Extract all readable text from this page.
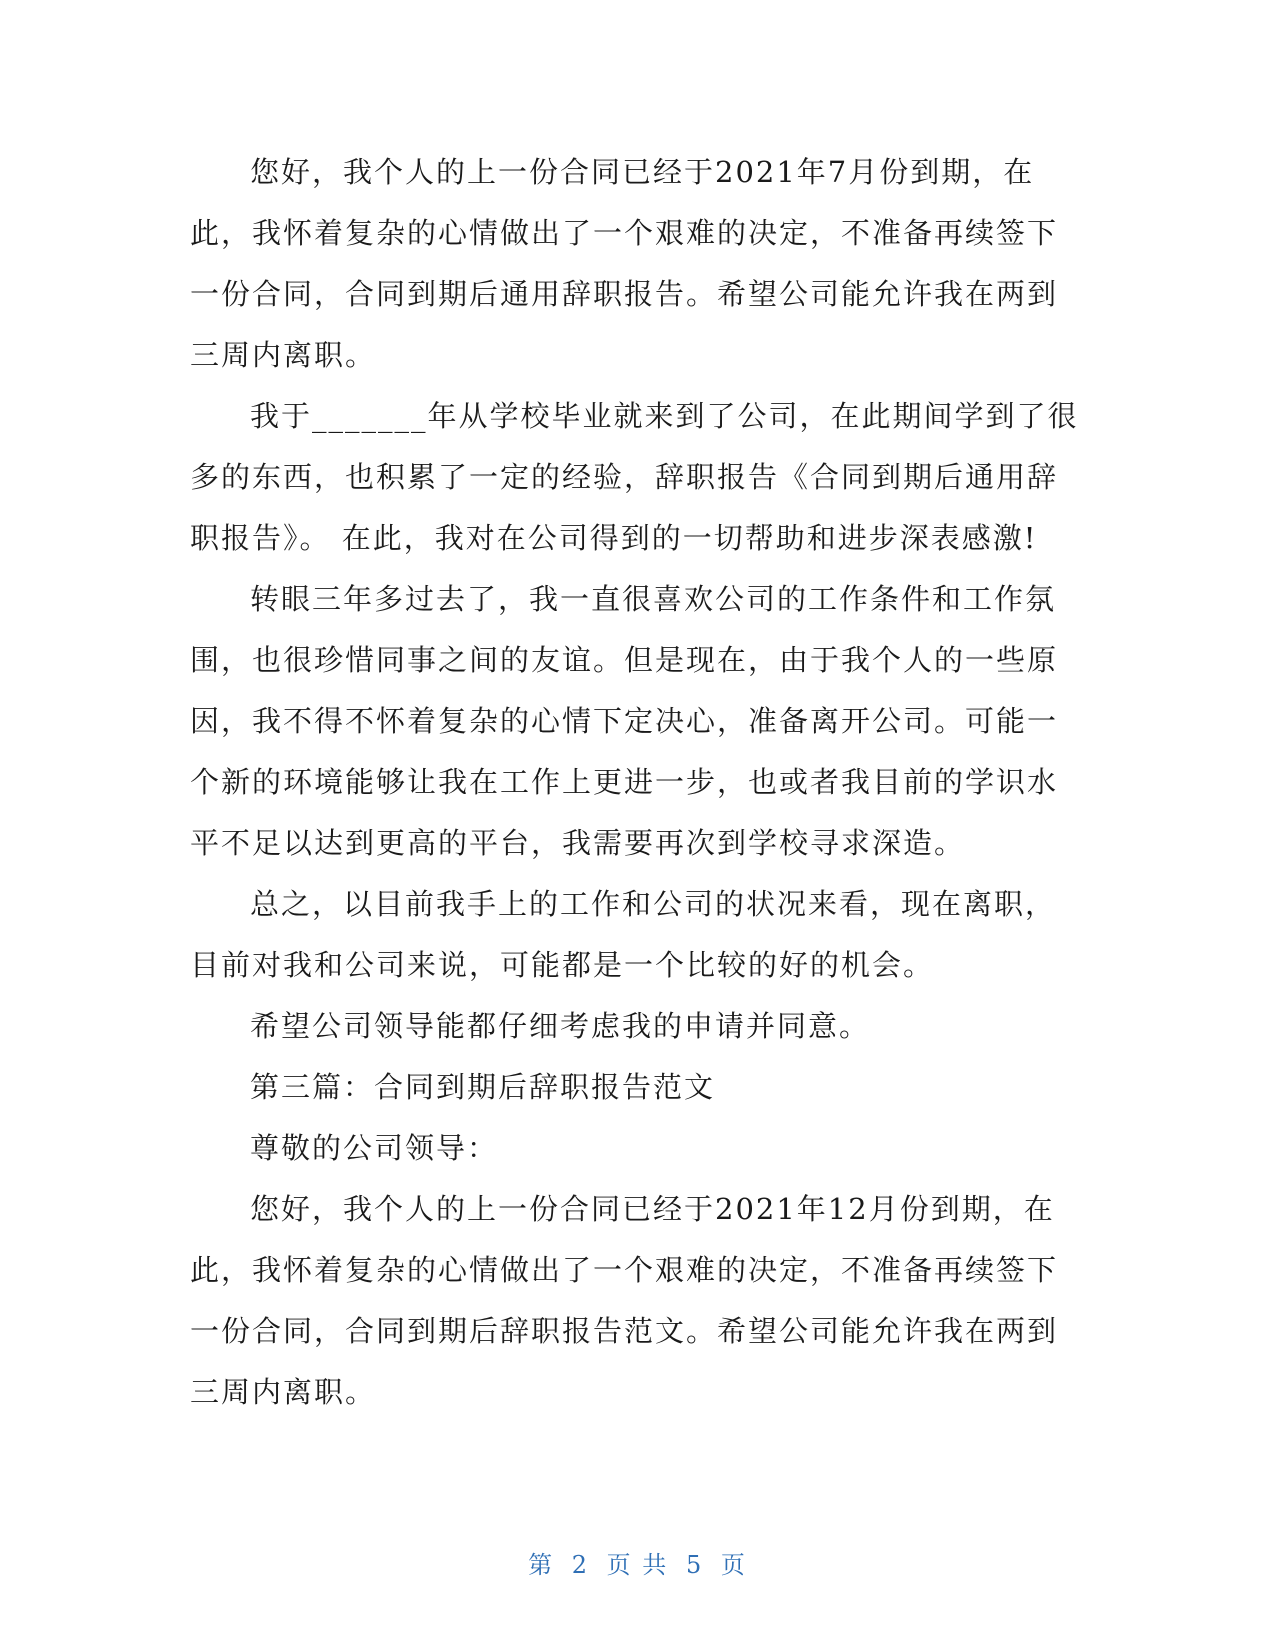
您好，我个人的上一份合同已经于2021年7月份到期，在此，我怀着复杂的心情做出了一个艰难的决定，不准备再续签下一份合同，合同到期后通用辞职报告。希望公司能允许我在两到三周内离职。

我于_______年从学校毕业就来到了公司，在此期间学到了很多的东西，也积累了一定的经验，辞职报告《合同到期后通用辞职报告》。 在此，我对在公司得到的一切帮助和进步深表感激!

转眼三年多过去了，我一直很喜欢公司的工作条件和工作氛围，也很珍惜同事之间的友谊。但是现在，由于我个人的一些原因，我不得不怀着复杂的心情下定决心，准备离开公司。可能一个新的环境能够让我在工作上更进一步，也或者我目前的学识水平不足以达到更高的平台，我需要再次到学校寻求深造。

总之，以目前我手上的工作和公司的状况来看，现在离职，目前对我和公司来说，可能都是一个比较的好的机会。

希望公司领导能都仔细考虑我的申请并同意。

第三篇：合同到期后辞职报告范文

尊敬的公司领导：

您好，我个人的上一份合同已经于2021年12月份到期，在此，我怀着复杂的心情做出了一个艰难的决定，不准备再续签下一份合同，合同到期后辞职报告范文。希望公司能允许我在两到三周内离职。

第 2 页 共 5 页
